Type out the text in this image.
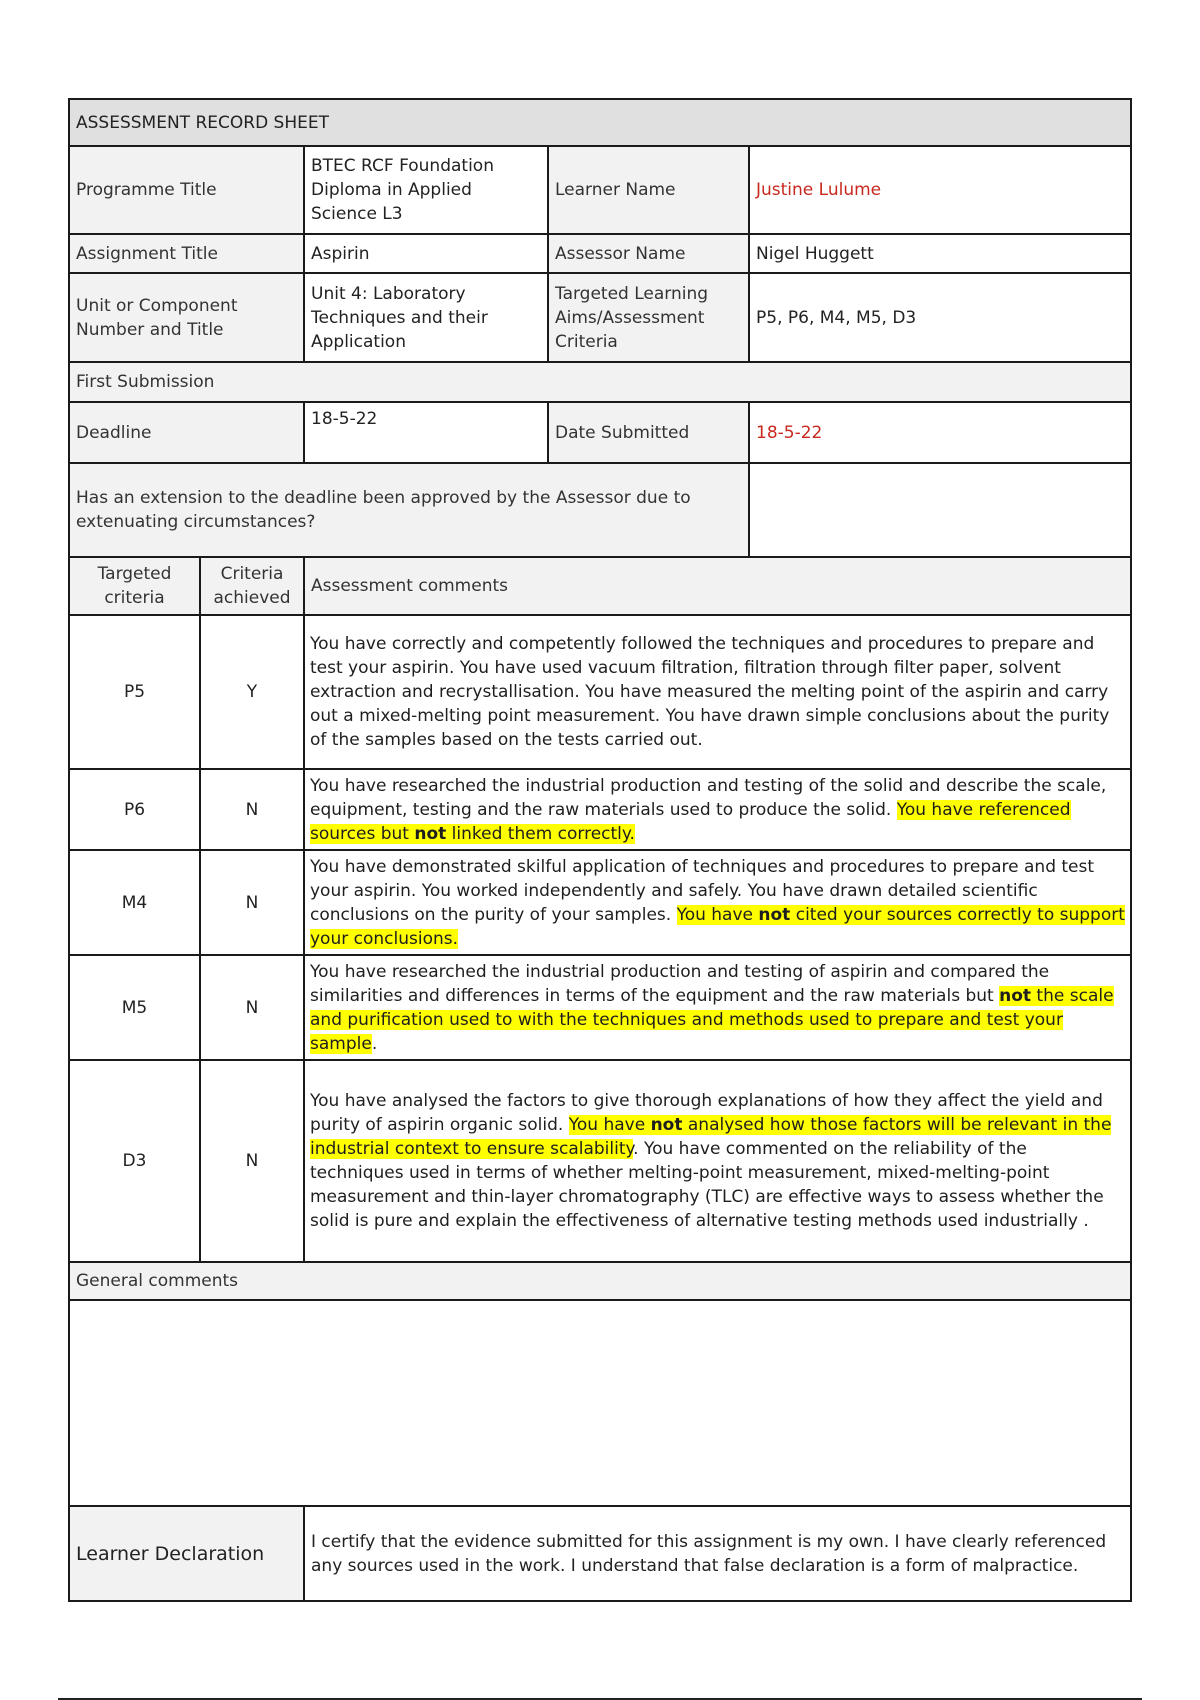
ASSESSMENT RECORD SHEET				
Programme Title		BTEC RCF Foundation Diploma in Applied Science L3	Learner Name	Justine Lulume
Assignment Title		Aspirin	Assessor Name	Nigel Huggett
Unit or Component Number and Title		Unit 4: Laboratory Techniques and their Application	Targeted Learning Aims/Assessment Criteria	P5, P6, M4, M5, D3
First Submission				
Deadline		18-5-22	Date Submitted	18-5-22
Has an extension to the deadline been approved by the Assessor due to extenuating circumstances?				
Targeted criteria	Criteria achieved	Assessment comments		
P5	Y	You have correctly and competently followed the techniques and procedures to prepare and test your aspirin. You have used vacuum filtration, filtration through filter paper, solvent extraction and recrystallisation. You have measured the melting point of the aspirin and carry out a mixed-melting point measurement. You have drawn simple conclusions about the purity of the samples based on the tests carried out.		
P6	N	You have researched the industrial production and testing of the solid and describe the scale, equipment, testing and the raw materials used to produce the solid. You have referenced sources but not linked them correctly.		
M4	N	You have demonstrated skilful application of techniques and procedures to prepare and test your aspirin. You worked independently and safely. You have drawn detailed scientific conclusions on the purity of your samples. You have not cited your sources correctly to support your conclusions.		
M5	N	You have researched the industrial production and testing of aspirin and compared the similarities and differences in terms of the equipment and the raw materials but not the scale and purification used to with the techniques and methods used to prepare and test your sample.		
D3	N	You have analysed the factors to give thorough explanations of how they affect the yield and purity of aspirin organic solid. You have not analysed how those factors will be relevant in the industrial context to ensure scalability. You have commented on the reliability of the techniques used in terms of whether melting-point measurement, mixed-melting-point measurement and thin-layer chromatography (TLC) are effective ways to assess whether the solid is pure and explain the effectiveness of alternative testing methods used industrially .		
General comments				

Learner Declaration		I certify that the evidence submitted for this assignment is my own. I have clearly referenced any sources used in the work. I understand that false declaration is a form of malpractice.		
